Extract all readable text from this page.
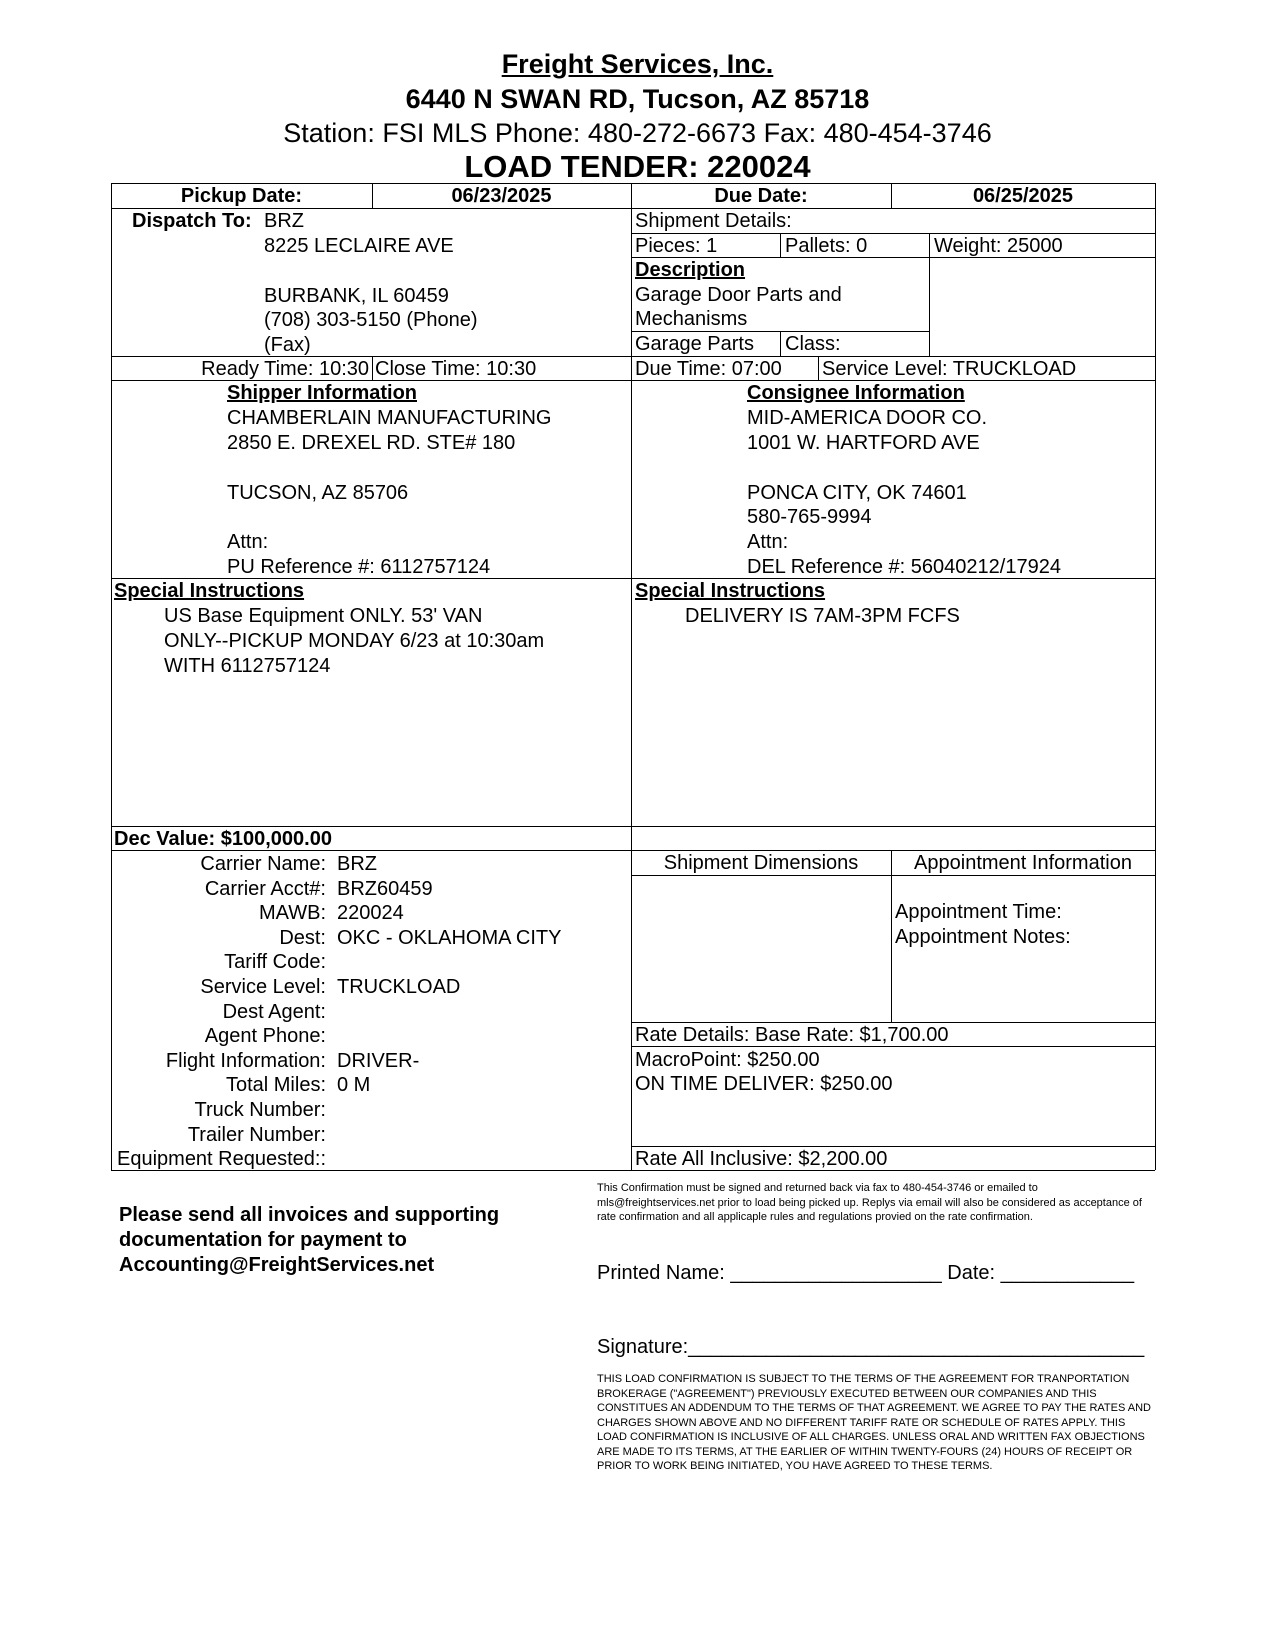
Freight Services, Inc.
6440 N SWAN RD, Tucson, AZ 85718
Station: FSI MLS Phone: 480-272-6673 Fax: 480-454-3746
LOAD TENDER: 220024
Pickup Date:	06/23/2025	Due Date:	06/25/2025
Dispatch To: BRZ
8225 LECLAIRE AVE
BURBANK, IL 60459
(708) 303-5150 (Phone)
(Fax)
Shipment Details:
Pieces: 1	Pallets: 0	Weight: 25000
Description
Garage Door Parts and
Mechanisms
Garage Parts Class:
Ready Time: 10:30 Close Time: 10:30	Due Time: 07:00 Service Level: TRUCKLOAD
Shipper Information
CHAMBERLAIN MANUFACTURING
2850 E. DREXEL RD. STE# 180
TUCSON, AZ 85706
Attn:
PU Reference #: 6112757124
Consignee Information
MID-AMERICA DOOR CO.
1001 W. HARTFORD AVE
PONCA CITY, OK 74601
580-765-9994
Attn:
DEL Reference #: 56040212/17924
Special Instructions
US Base Equipment ONLY. 53' VAN
ONLY--PICKUP MONDAY 6/23 at 10:30am
WITH 6112757124
Special Instructions
DELIVERY IS 7AM-3PM FCFS
Dec Value: $100,000.00
Carrier Name: BRZ
Carrier Acct#: BRZ60459
MAWB: 220024
Dest: OKC - OKLAHOMA CITY
Tariff Code:
Service Level: TRUCKLOAD
Dest Agent:
Agent Phone:
Flight Information: DRIVER-
Total Miles: 0 M
Truck Number:
Trailer Number:
Equipment Requested::
Shipment Dimensions	Appointment Information
Appointment Time:
Appointment Notes:
Rate Details: Base Rate: $1,700.00
MacroPoint: $250.00
ON TIME DELIVER: $250.00
Rate All Inclusive: $2,200.00
Please send all invoices and supporting
documentation for payment to
Accounting@FreightServices.net
This Confirmation must be signed and returned back via fax to 480-454-3746 or emailed to mls@freightservices.net prior to load being picked up. Replys via email will also be considered as acceptance of rate confirmation and all applicaple rules and regulations provied on the rate confirmation.
Printed Name: ___________________ Date: ____________
Signature:_________________________________________
THIS LOAD CONFIRMATION IS SUBJECT TO THE TERMS OF THE AGREEMENT FOR TRANPORTATION BROKERAGE ("AGREEMENT") PREVIOUSLY EXECUTED BETWEEN OUR COMPANIES AND THIS CONSTITUES AN ADDENDUM TO THE TERMS OF THAT AGREEMENT. WE AGREE TO PAY THE RATES AND CHARGES SHOWN ABOVE AND NO DIFFERENT TARIFF RATE OR SCHEDULE OF RATES APPLY. THIS LOAD CONFIRMATION IS INCLUSIVE OF ALL CHARGES. UNLESS ORAL AND WRITTEN FAX OBJECTIONS ARE MADE TO ITS TERMS, AT THE EARLIER OF WITHIN TWENTY-FOURS (24) HOURS OF RECEIPT OR PRIOR TO WORK BEING INITIATED, YOU HAVE AGREED TO THESE TERMS.
